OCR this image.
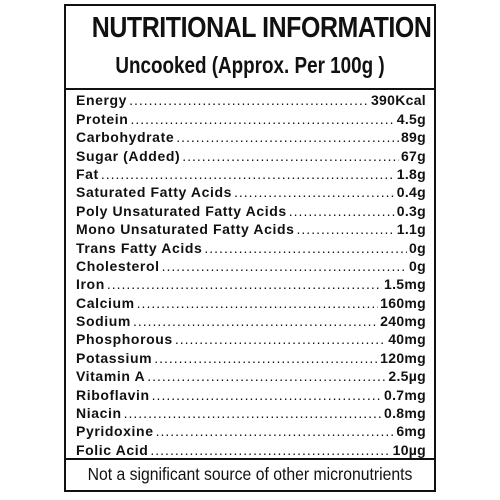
NUTRITIONAL INFORMATION
Uncooked (Approx. Per 100g )
Energy .....	390Kcal
Protein .....	4.5g
Carbohydrate .....	89g
Sugar (Added) .....	67g
Fat .....	1.8g
Saturated Fatty Acids .....	0.4g
Poly Unsaturated Fatty Acids .....	0.3g
Mono Unsaturated Fatty Acids .....	1.1g
Trans Fatty Acids .....	0g
Cholesterol .....	0g
Iron .....	1.5mg
Calcium .....	160mg
Sodium .....	240mg
Phosphorous .....	40mg
Potassium .....	120mg
Vitamin A .....	2.5µg
Riboflavin .....	0.7mg
Niacin .....	0.8mg
Pyridoxine .....	6mg
Folic Acid .....	10µg
Not a significant source of other micronutrients
